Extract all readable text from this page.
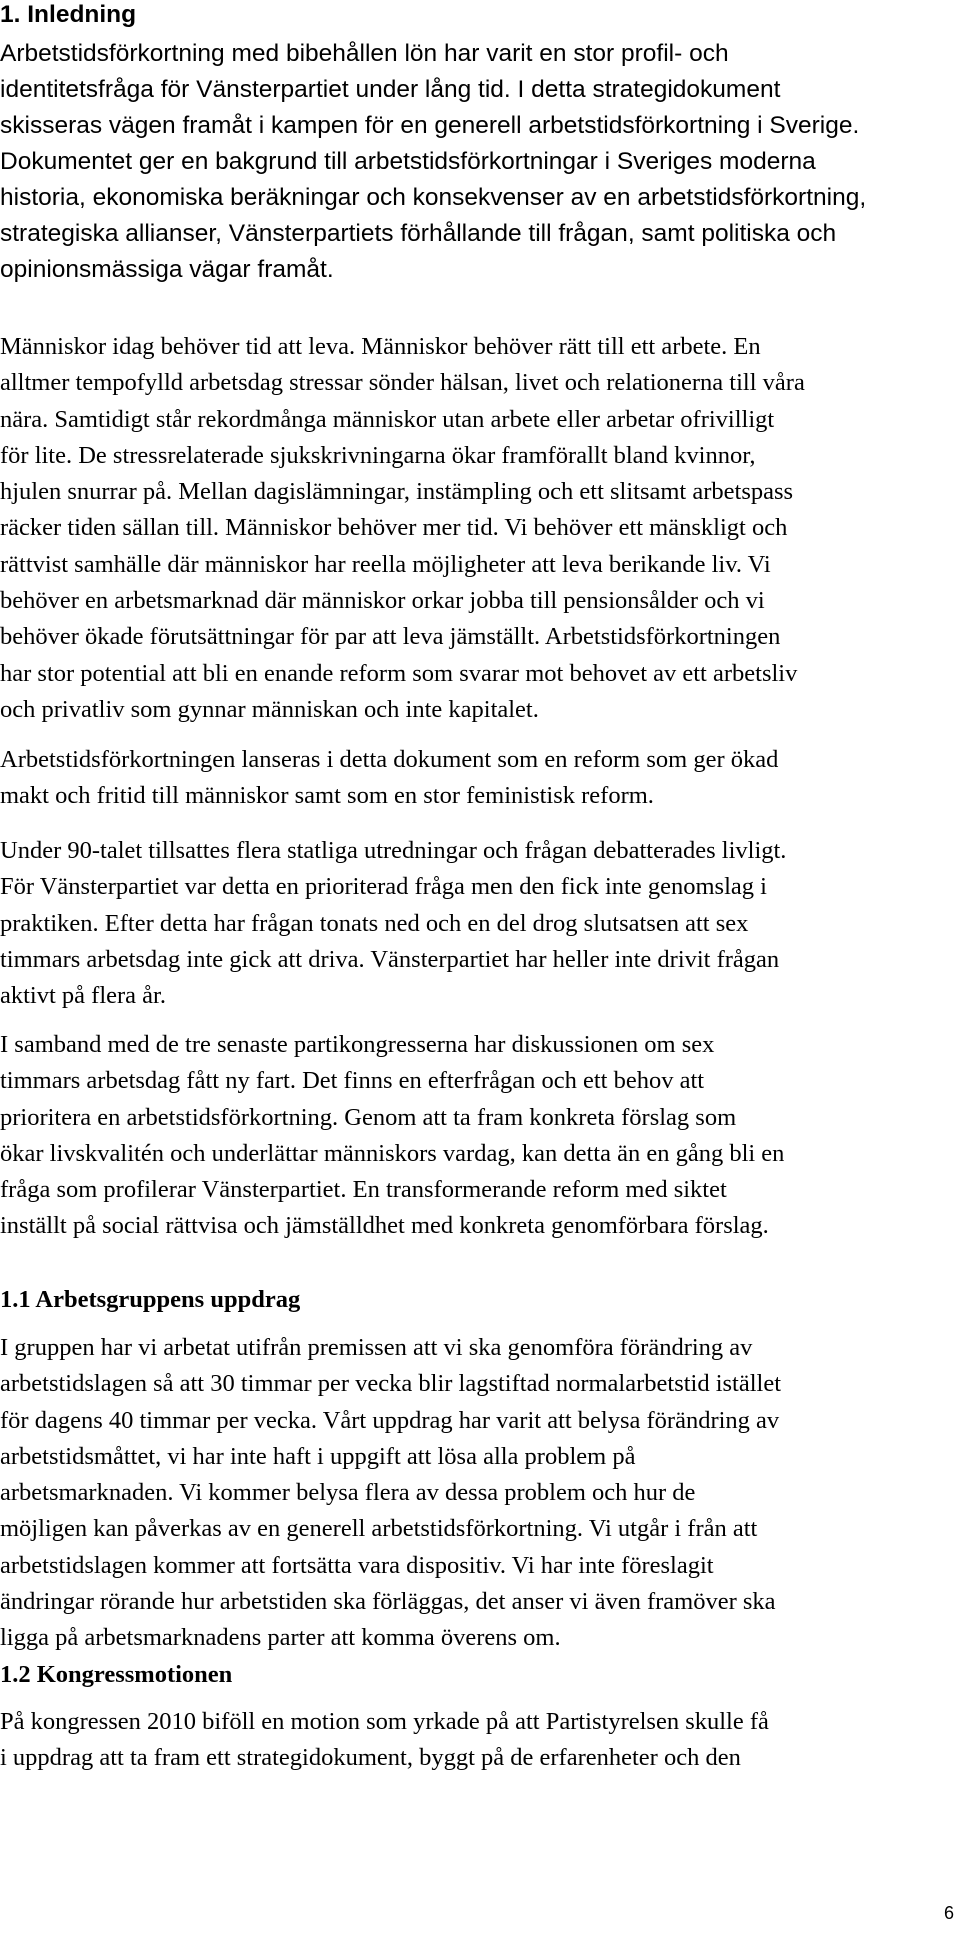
1. Inledning

Arbetstidsförkortning med bibehållen lön har varit en stor profil- och
identitetsfråga för Vänsterpartiet under lång tid. I detta strategidokument
skisseras vägen framåt i kampen för en generell arbetstidsförkortning i Sverige.
Dokumentet ger en bakgrund till arbetstidsförkortningar i Sveriges moderna
historia, ekonomiska beräkningar och konsekvenser av en arbetstidsförkortning,
strategiska allianser, Vänsterpartiets förhållande till frågan, samt politiska och
opinionsmässiga vägar framåt.

Människor idag behöver tid att leva. Människor behöver rätt till ett arbete. En
alltmer tempofylld arbetsdag stressar sönder hälsan, livet och relationerna till våra
nära. Samtidigt står rekordmånga människor utan arbete eller arbetar ofrivilligt
för lite. De stressrelaterade sjukskrivningarna ökar framförallt bland kvinnor,
hjulen snurrar på. Mellan dagislämningar, instämpling och ett slitsamt arbetspass
räcker tiden sällan till. Människor behöver mer tid. Vi behöver ett mänskligt och
rättvist samhälle där människor har reella möjligheter att leva berikande liv. Vi
behöver en arbetsmarknad där människor orkar jobba till pensionsålder och vi
behöver ökade förutsättningar för par att leva jämställt. Arbetstidsförkortningen
har stor potential att bli en enande reform som svarar mot behovet av ett arbetsliv
och privatliv som gynnar människan och inte kapitalet.

Arbetstidsförkortningen lanseras i detta dokument som en reform som ger ökad
makt och fritid till människor samt som en stor feministisk reform.

Under 90-talet tillsattes flera statliga utredningar och frågan debatterades livligt.
För Vänsterpartiet var detta en prioriterad fråga men den fick inte genomslag i
praktiken. Efter detta har frågan tonats ned och en del drog slutsatsen att sex
timmars arbetsdag inte gick att driva. Vänsterpartiet har heller inte drivit frågan
aktivt på flera år.

I samband med de tre senaste partikongresserna har diskussionen om sex
timmars arbetsdag fått ny fart. Det finns en efterfrågan och ett behov att
prioritera en arbetstidsförkortning. Genom att ta fram konkreta förslag som
ökar livskvalitén och underlättar människors vardag, kan detta än en gång bli en
fråga som profilerar Vänsterpartiet. En transformerande reform med siktet
inställt på social rättvisa och jämställdhet med konkreta genomförbara förslag.

1.1 Arbetsgruppens uppdrag

I gruppen har vi arbetat utifrån premissen att vi ska genomföra förändring av
arbetstidslagen så att 30 timmar per vecka blir lagstiftad normalarbetstid istället
för dagens 40 timmar per vecka. Vårt uppdrag har varit att belysa förändring av
arbetstidsmåttet, vi har inte haft i uppgift att lösa alla problem på
arbetsmarknaden. Vi kommer belysa flera av dessa problem och hur de
möjligen kan påverkas av en generell arbetstidsförkortning. Vi utgår i från att
arbetstidslagen kommer att fortsätta vara dispositiv. Vi har inte föreslagit
ändringar rörande hur arbetstiden ska förläggas, det anser vi även framöver ska
ligga på arbetsmarknadens parter att komma överens om.

1.2 Kongressmotionen

På kongressen 2010 biföll en motion som yrkade på att Partistyrelsen skulle få
i uppdrag att ta fram ett strategidokument, byggt på de erfarenheter och den

6
